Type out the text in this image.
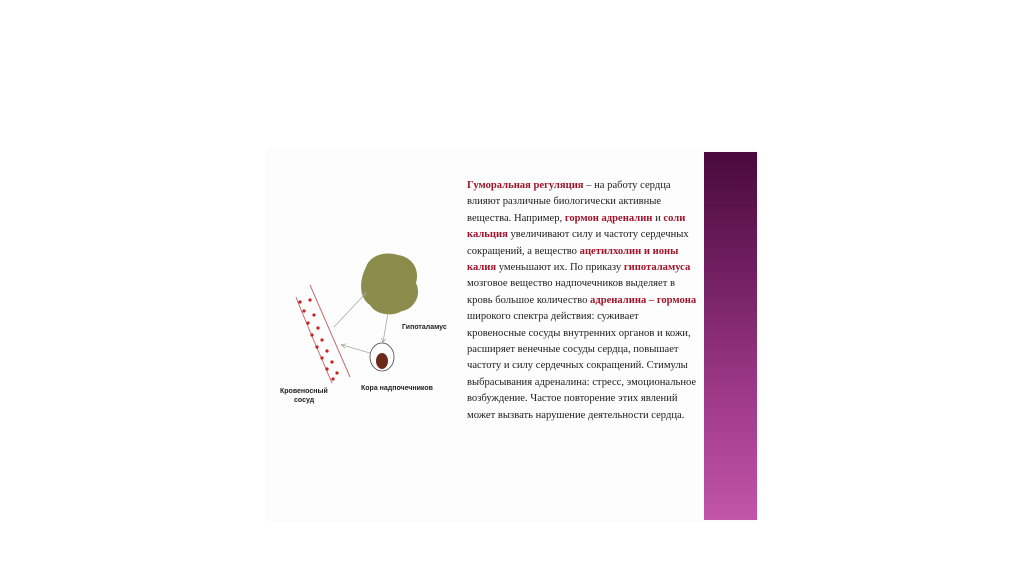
Гипоталамус
Кора надпочечников
Кровеносный
сосуд
Гуморальная регуляция – на работу сердца влияют различные биологически активные вещества. Например, гормон адреналин и соли кальция увеличивают силу и частоту сердечных сокращений, а вещество ацетилхолин и ионы калия уменьшают их. По приказу гипоталамуса мозговое вещество надпочечников выделяет в кровь большое количество адреналина – гормона широкого спектра действия: суживает кровеносные сосуды внутренних органов и кожи, расширяет венечные сосуды сердца, повышает частоту и силу сердечных сокращений. Стимулы выбрасывания адреналина: стресс, эмоциональное возбуждение. Частое повторение этих явлений может вызвать нарушение деятельности сердца.
